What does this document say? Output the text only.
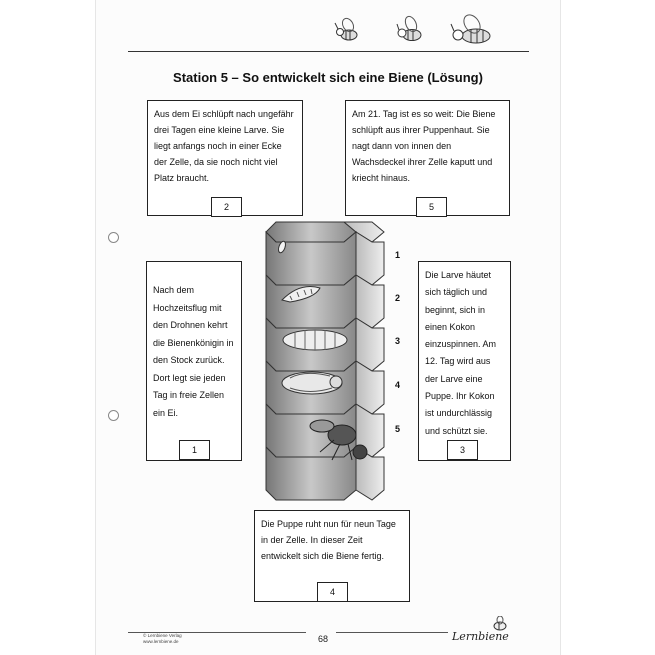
Station 5 – So entwickelt sich eine Biene (Lösung)
Aus dem Ei schlüpft nach ungefähr drei Tagen eine kleine Larve. Sie liegt anfangs noch in einer Ecke der Zelle, da sie noch nicht viel Platz braucht.
2
Am 21. Tag ist es so weit: Die Biene schlüpft aus ihrer Puppenhaut. Sie nagt dann von innen den Wachsdeckel ihrer Zelle kaputt und kriecht hinaus.
5
Nach dem Hochzeitsflug mit den Drohnen kehrt die Bienenkönigin in den Stock zurück. Dort legt sie jeden Tag in freie Zellen ein Ei.
1
Die Larve häutet sich täglich und beginnt, sich in einen Kokon einzuspinnen. Am 12. Tag wird aus der Larve eine Puppe. Ihr Kokon ist undurchlässig und schützt sie.
3
Die Puppe ruht nun für neun Tage in der Zelle. In dieser Zeit entwickelt sich die Biene fertig.
4
1
2
3
4
5
© Lernbiene Verlag
www.lernbiene.de	68	Lernbiene
